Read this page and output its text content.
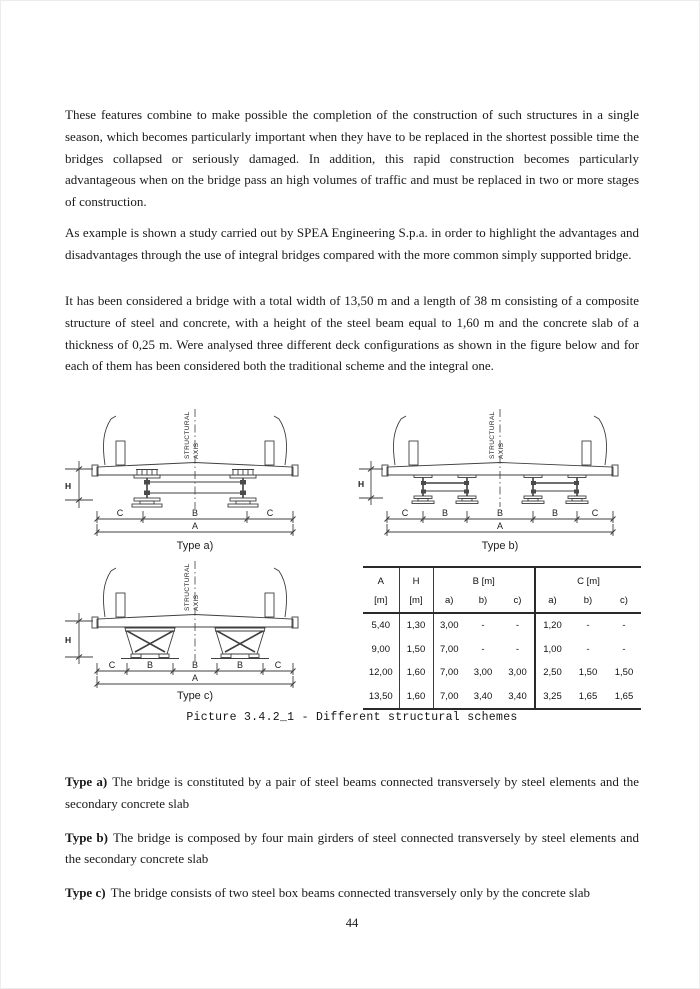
These features combine to make possible the completion of the construction of such structures in a single season, which becomes particularly important when they have to be replaced in the shortest possible time the bridges collapsed or seriously damaged. In addition, this rapid construction becomes particularly advantageous when on the bridge pass an high volumes of traffic and must be replaced in two or more stages of construction.

As example is shown a study carried out by SPEA Engineering S.p.a. in order to highlight the advantages and disadvantages through the use of integral bridges compared with the more common simply supported bridge.

It has been considered a bridge with a total width of 13,50 m and a length of 38 m consisting of a composite structure of steel and concrete, with a height of the steel beam equal to 1,60 m and the concrete slab of a thickness of 0,25 m. Were analysed three different deck configurations as shown in the figure below and for each of them has been considered both the traditional scheme and the integral one.

STRUCTURAL AXIS
H
C	B	C
A
Type a)
STRUCTURAL AXIS
H
C	B	B	B	C
A
Type b)
STRUCTURAL AXIS
H
C	B	B	B	C
A
Type c)
A	H	B [m]			C [m]		
[m]	[m]	a)	b)	c)	a)	b)	c)
5,40	1,30	3,00	-	-	1,20	-	-
9,00	1,50	7,00	-	-	1,00	-	-
12,00	1,60	7,00	3,00	3,00	2,50	1,50	1,50
13,50	1,60	7,00	3,40	3,40	3,25	1,65	1,65
Picture 3.4.2_1 - Different structural schemes

Type a) The bridge is constituted by a pair of steel beams connected transversely by steel elements and the secondary concrete slab

Type b) The bridge is composed by four main girders of steel connected transversely by steel elements and the secondary concrete slab

Type c) The bridge consists of two steel box beams connected transversely only by the concrete slab

44
